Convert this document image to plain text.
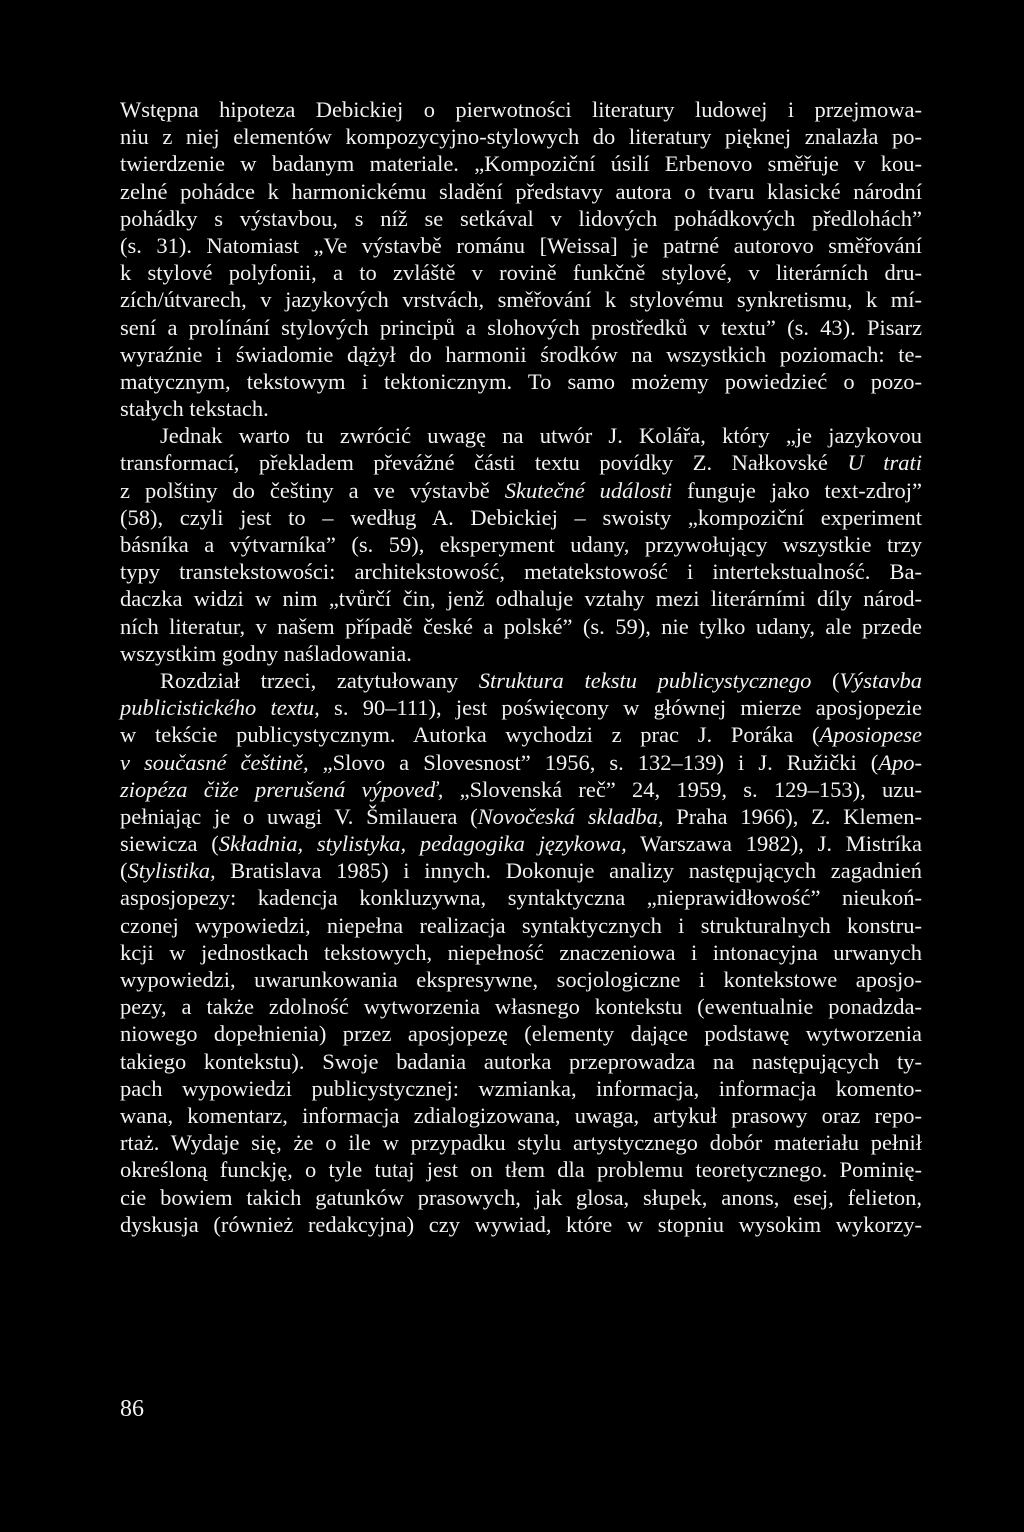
Wstępna hipoteza Debickiej o pierwotności literatury ludowej i przejmowa-
niu z niej elementów kompozycyjno-stylowych do literatury pięknej znalazła po-
twierdzenie w badanym materiale. „Kompoziční úsilí Erbenovo směřuje v kou-
zelné pohádce k harmonickému sladění představy autora o tvaru klasické národní
pohádky s výstavbou, s níž se setkával v lidových pohádkových předlohách”
(s. 31). Natomiast „Ve výstavbě románu [Weissa] je patrné autorovo směřování
k stylové polyfonii, a to zvláště v rovině funkčně stylové, v literárních dru-
zích/útvarech, v jazykových vrstvách, směřování k stylovému synkretismu, k mí-
sení a prolínání stylových principů a slohových prostředků v textu” (s. 43). Pisarz
wyraźnie i świadomie dążył do harmonii środków na wszystkich poziomach: te-
matycznym, tekstowym i tektonicznym. To samo możemy powiedzieć o pozo-
stałych tekstach.
Jednak warto tu zwrócić uwagę na utwór J. Kolářa, który „je jazykovou
transformací, překladem převážné části textu povídky Z. Nałkovské U trati
z polštiny do češtiny a ve výstavbě Skutečné události funguje jako text-zdroj”
(58), czyli jest to – według A. Debickiej – swoisty „kompoziční experiment
básníka a výtvarníka” (s. 59), eksperyment udany, przywołujący wszystkie trzy
typy transtekstowości: architekstowość, metatekstowość i intertekstualność. Ba-
daczka widzi w nim „tvůrčí čin, jenž odhaluje vztahy mezi literárními díly národ-
ních literatur, v našem případě české a polské” (s. 59), nie tylko udany, ale przede
wszystkim godny naśladowania.
Rozdział trzeci, zatytułowany Struktura tekstu publicystycznego (Výstavba
publicistického textu, s. 90–111), jest poświęcony w głównej mierze aposjopezie
w tekście publicystycznym. Autorka wychodzi z prac J. Poráka (Aposiopese
v současné češtině, „Slovo a Slovesnost” 1956, s. 132–139) i J. Ružički (Apo-
ziopéza čiže prerušená výpoveď, „Slovenská reč” 24, 1959, s. 129–153), uzu-
pełniając je o uwagi V. Šmilauera (Novočeská skladba, Praha 1966), Z. Klemen-
siewicza (Składnia, stylistyka, pedagogika językowa, Warszawa 1982), J. Mistríka
(Stylistika, Bratislava 1985) i innych. Dokonuje analizy następujących zagadnień
asposjopezy: kadencja konkluzywna, syntaktyczna „nieprawidłowość” nieukoń-
czonej wypowiedzi, niepełna realizacja syntaktycznych i strukturalnych konstru-
kcji w jednostkach tekstowych, niepełność znaczeniowa i intonacyjna urwanych
wypowiedzi, uwarunkowania ekspresywne, socjologiczne i kontekstowe aposjo-
pezy, a także zdolność wytworzenia własnego kontekstu (ewentualnie ponadzda-
niowego dopełnienia) przez aposjopezę (elementy dające podstawę wytworzenia
takiego kontekstu). Swoje badania autorka przeprowadza na następujących ty-
pach wypowiedzi publicystycznej: wzmianka, informacja, informacja komento-
wana, komentarz, informacja zdialogizowana, uwaga, artykuł prasowy oraz repo-
rtaż. Wydaje się, że o ile w przypadku stylu artystycznego dobór materiału pełnił
określoną funckję, o tyle tutaj jest on tłem dla problemu teoretycznego. Pominię-
cie bowiem takich gatunków prasowych, jak glosa, słupek, anons, esej, felieton,
dyskusja (również redakcyjna) czy wywiad, które w stopniu wysokim wykorzy-
86
